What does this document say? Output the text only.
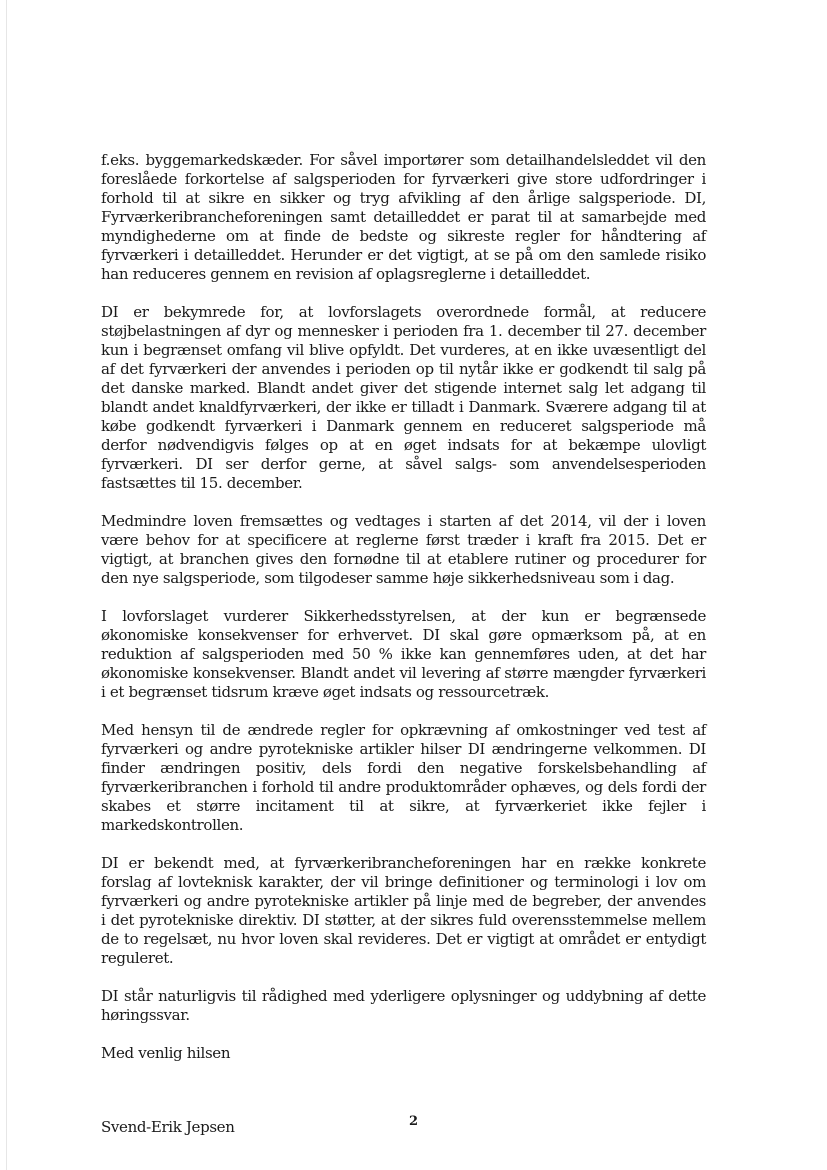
f.eks. byggemarkedskæder. For såvel importører som detailhandelsleddet vil den foreslåede forkortelse af salgsperioden for fyrværkeri give store udfordringer i forhold til at sikre en sikker og tryg afvikling af den årlige salgsperiode. DI, Fyrværkeribrancheforeningen samt detailleddet er parat til at samarbejde med myndighederne om at finde de bedste og sikreste regler for håndtering af fyrværkeri i detailleddet. Herunder er det vigtigt, at se på om den samlede risiko han reduceres gennem en revision af oplagsreglerne i detailleddet.

DI er bekymrede for, at lovforslagets overordnede formål, at reducere støjbelastningen af dyr og mennesker i perioden fra 1. december til 27. december kun i begrænset omfang vil blive opfyldt. Det vurderes, at en ikke uvæsentligt del af det fyrværkeri der anvendes i perioden op til nytår ikke er godkendt til salg på det danske marked. Blandt andet giver det stigende internet salg let adgang til blandt andet knaldfyrværkeri, der ikke er tilladt i Danmark. Sværere adgang til at købe godkendt fyrværkeri i Danmark gennem en reduceret salgsperiode må derfor nødvendigvis følges op at en øget indsats for at bekæmpe ulovligt fyrværkeri. DI ser derfor gerne, at såvel salgs- som anvendelsesperioden fastsættes til 15. december.

Medmindre loven fremsættes og vedtages i starten af det 2014, vil der i loven være behov for at specificere at reglerne først træder i kraft fra 2015. Det er vigtigt, at branchen gives den fornødne til at etablere rutiner og procedurer for den nye salgsperiode, som tilgodeser samme høje sikkerhedsniveau som i dag.

I lovforslaget vurderer Sikkerhedsstyrelsen, at der kun er begrænsede økonomiske konsekvenser for erhvervet. DI skal gøre opmærksom på, at en reduktion af salgsperioden med 50 % ikke kan gennemføres uden, at det har økonomiske konsekvenser. Blandt andet vil levering af større mængder fyrværkeri i et begrænset tidsrum kræve øget indsats og ressourcetræk.

Med hensyn til de ændrede regler for opkrævning af omkostninger ved test af fyrværkeri og andre pyrotekniske artikler hilser DI ændringerne velkommen. DI finder ændringen positiv, dels fordi den negative forskelsbehandling af fyrværkeribranchen i forhold til andre produktområder ophæves, og dels fordi der skabes et større incitament til at sikre, at fyrværkeriet ikke fejler i markedskontrollen.

DI er bekendt med, at fyrværkeribrancheforeningen har en række konkrete forslag af lovteknisk karakter, der vil bringe definitioner og terminologi i lov om fyrværkeri og andre pyrotekniske artikler på linje med de begreber, der anvendes i det pyrotekniske direktiv. DI støtter, at der sikres fuld overensstemmelse mellem de to regelsæt, nu hvor loven skal revideres. Det er vigtigt at området er entydigt reguleret.

DI står naturligvis til rådighed med yderligere oplysninger og uddybning af dette høringssvar.

Med venlig hilsen

Svend-Erik Jepsen	2
